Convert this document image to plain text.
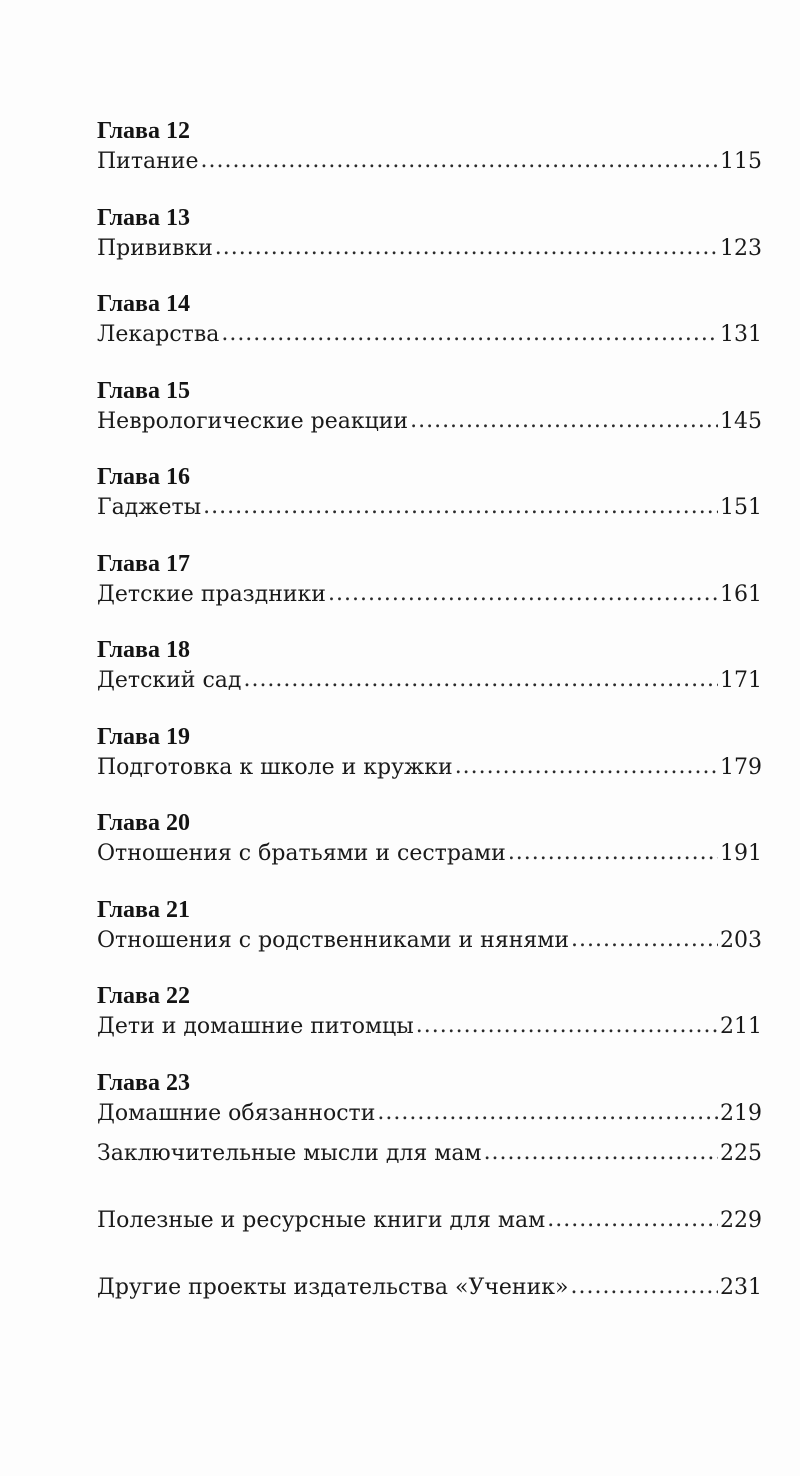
Глава 12
Питание .....	115
Глава 13
Прививки .....	123
Глава 14
Лекарства .....	131
Глава 15
Неврологические реакции .....	145
Глава 16
Гаджеты .....	151
Глава 17
Детские праздники .....	161
Глава 18
Детский сад .....	171
Глава 19
Подготовка к школе и кружки .....	179
Глава 20
Отношения с братьями и сестрами .....	191
Глава 21
Отношения с родственниками и нянями .....	203
Глава 22
Дети и домашние питомцы .....	211
Глава 23
Домашние обязанности .....	219
Заключительные мысли для мам .....	225
Полезные и ресурсные книги для мам .....	229
Другие проекты издательства «Ученик» .....	231
